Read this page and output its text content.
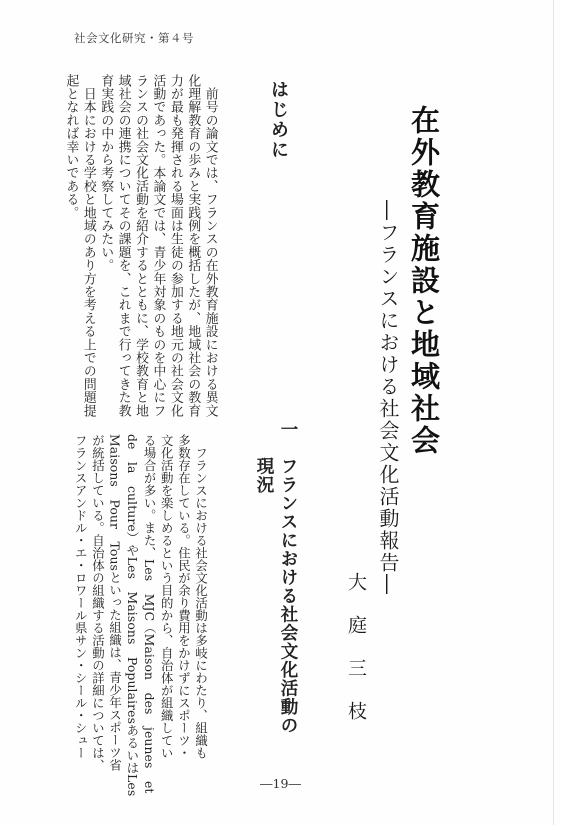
社会文化研究・第４号
在外教育施設と地域社会
―フランスにおける社会文化活動報告―
大庭三枝
はじめに
　前号の論文では、フランスの在外教育施設における異文
化理解教育の歩みと実践例を概括したが、地域社会の教育
力が最も発揮される場面は生徒の参加する地元の社会文化
活動であった。本論文では、青少年対象のものを中心にフ
ランスの社会文化活動を紹介するとともに、学校教育と地
域社会の連携についてその課題を、これまで行ってきた教
育実践の中から考察してみたい。
　日本における学校と地域のあり方を考える上での問題提
起となれば幸いである。
一　フランスにおける社会文化活動の
　　現況
　フランスにおける社会文化活動は多岐にわたり、組織も
多数存在している。住民が余り費用をかけずにスポーツ・
文化活動を楽しめるという目的から、自治体が組織してい
る場合が多い。また、Les　MJC（Maison　des　jeunes　et
de　la　culture）やLes　Maisons　PopulairesあるいはLes
Maisons　Pour　Tousといった組織は、青少年スポーツ省
が統括している。自治体の組織する活動の詳細については、
フランスアンドル・エ・ロワール県サン・シール・シュー
―19―
